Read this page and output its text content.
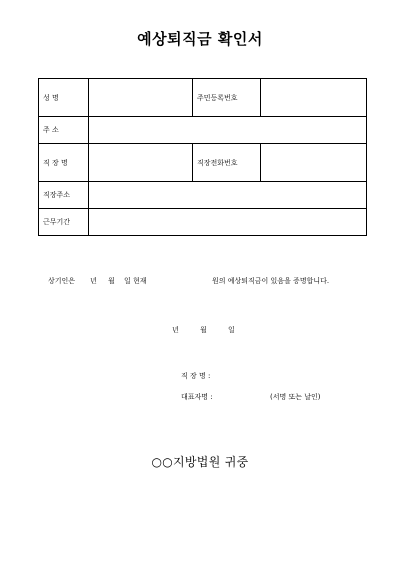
예상퇴직금 확인서
성 명		주민등록번호	
주 소			
직 장 명		직장전화번호	
직장주소			
근무기간			
상기인은 년 월 일 현재	원의 예상퇴직금이 있음을 증명합니다.
년	월	일
직 장 명 :
대표자명 :	(서명 또는 날인)
○○지방법원 귀중
